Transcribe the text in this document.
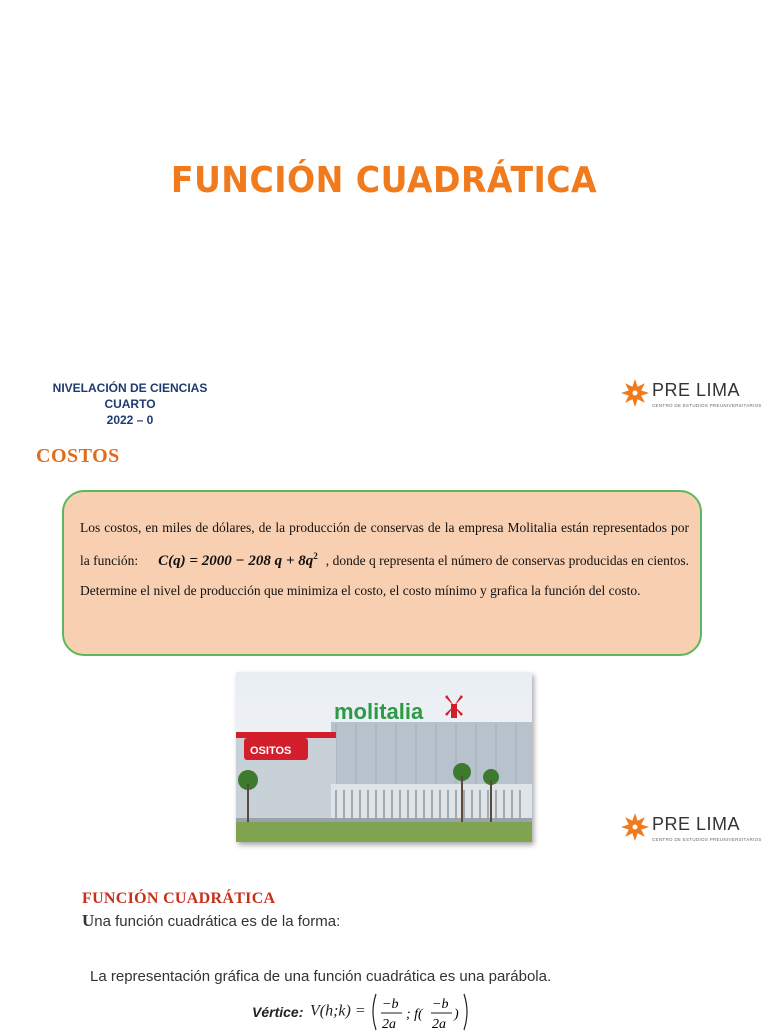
FUNCIÓN CUADRÁTICA
NIVELACIÓN DE CIENCIAS CUARTO
2022 – 0
PRE LIMA
CENTRO DE ESTUDIOS PREUNIVERSITARIOS
COSTOS
Los costos, en miles de dólares, de la producción de conservas de la empresa Molitalia están representados por la función: C(q) = 2000 − 208 $q + 8q^2$ , donde q representa el número de conservas producidas en cientos. Determine el nivel de producción que minimiza el costo, el costo mínimo y grafica la función del costo.
OSITOS
molitalia
PRE LIMA
CENTRO DE ESTUDIOS PREUNIVERSITARIOS
FUNCIÓN CUADRÁTICA
Una función cuadrática es de la forma:
La representación gráfica de una función cuadrática es una parábola.
Vértice: V(h;k) = −b
2a
; f(
−b
2a
)
